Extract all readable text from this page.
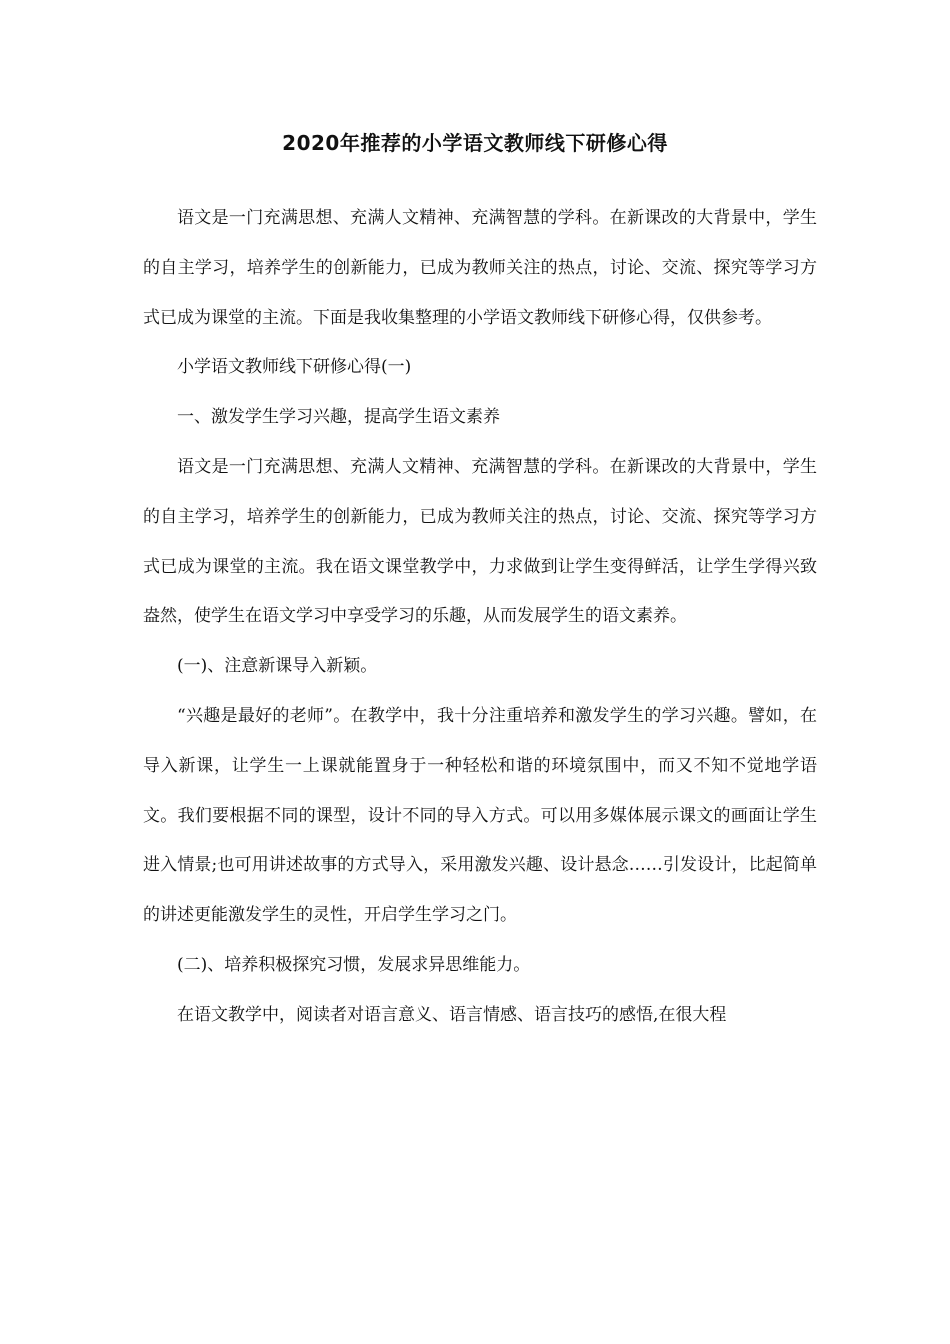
2020年推荐的小学语文教师线下研修心得

语文是一门充满思想、充满人文精神、充满智慧的学科。在新课改的大背景中，学生的自主学习，培养学生的创新能力，已成为教师关注的热点，讨论、交流、探究等学习方式已成为课堂的主流。下面是我收集整理的小学语文教师线下研修心得，仅供参考。

小学语文教师线下研修心得(一)

一、激发学生学习兴趣，提高学生语文素养

语文是一门充满思想、充满人文精神、充满智慧的学科。在新课改的大背景中，学生的自主学习，培养学生的创新能力，已成为教师关注的热点，讨论、交流、探究等学习方式已成为课堂的主流。我在语文课堂教学中，力求做到让学生变得鲜活，让学生学得兴致盎然，使学生在语文学习中享受学习的乐趣，从而发展学生的语文素养。

(一)、注意新课导入新颖。

“兴趣是最好的老师”。在教学中，我十分注重培养和激发学生的学习兴趣。譬如，在导入新课，让学生一上课就能置身于一种轻松和谐的环境氛围中，而又不知不觉地学语文。我们要根据不同的课型，设计不同的导入方式。可以用多媒体展示课文的画面让学生进入情景;也可用讲述故事的方式导入，采用激发兴趣、设计悬念……引发设计，比起简单的讲述更能激发学生的灵性，开启学生学习之门。

(二)、培养积极探究习惯，发展求异思维能力。

在语文教学中，阅读者对语言意义、语言情感、语言技巧的感悟,在很大程
